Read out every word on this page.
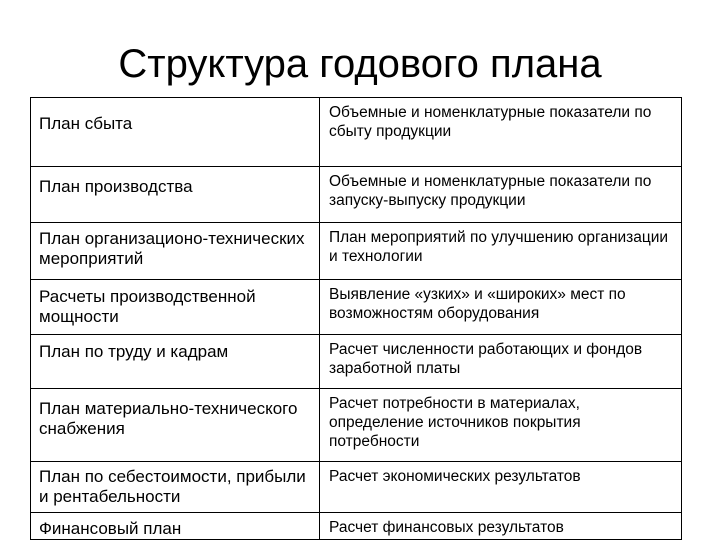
Структура годового плана
План сбыта	Объемные и номенклатурные показатели по сбыту продукции
План производства	Объемные и номенклатурные показатели по запуску-выпуску продукции
План организационо-технических мероприятий	План мероприятий по улучшению организации и технологии
Расчеты производственной мощности	Выявление «узких» и «широких» мест по возможностям оборудования
План по труду и кадрам	Расчет численности работающих и фондов заработной платы
План материально-технического снабжения	Расчет потребности в материалах, определение источников покрытия потребности
План по себестоимости, прибыли и рентабельности	Расчет экономических результатов
Финансовый план	Расчет финансовых результатов
